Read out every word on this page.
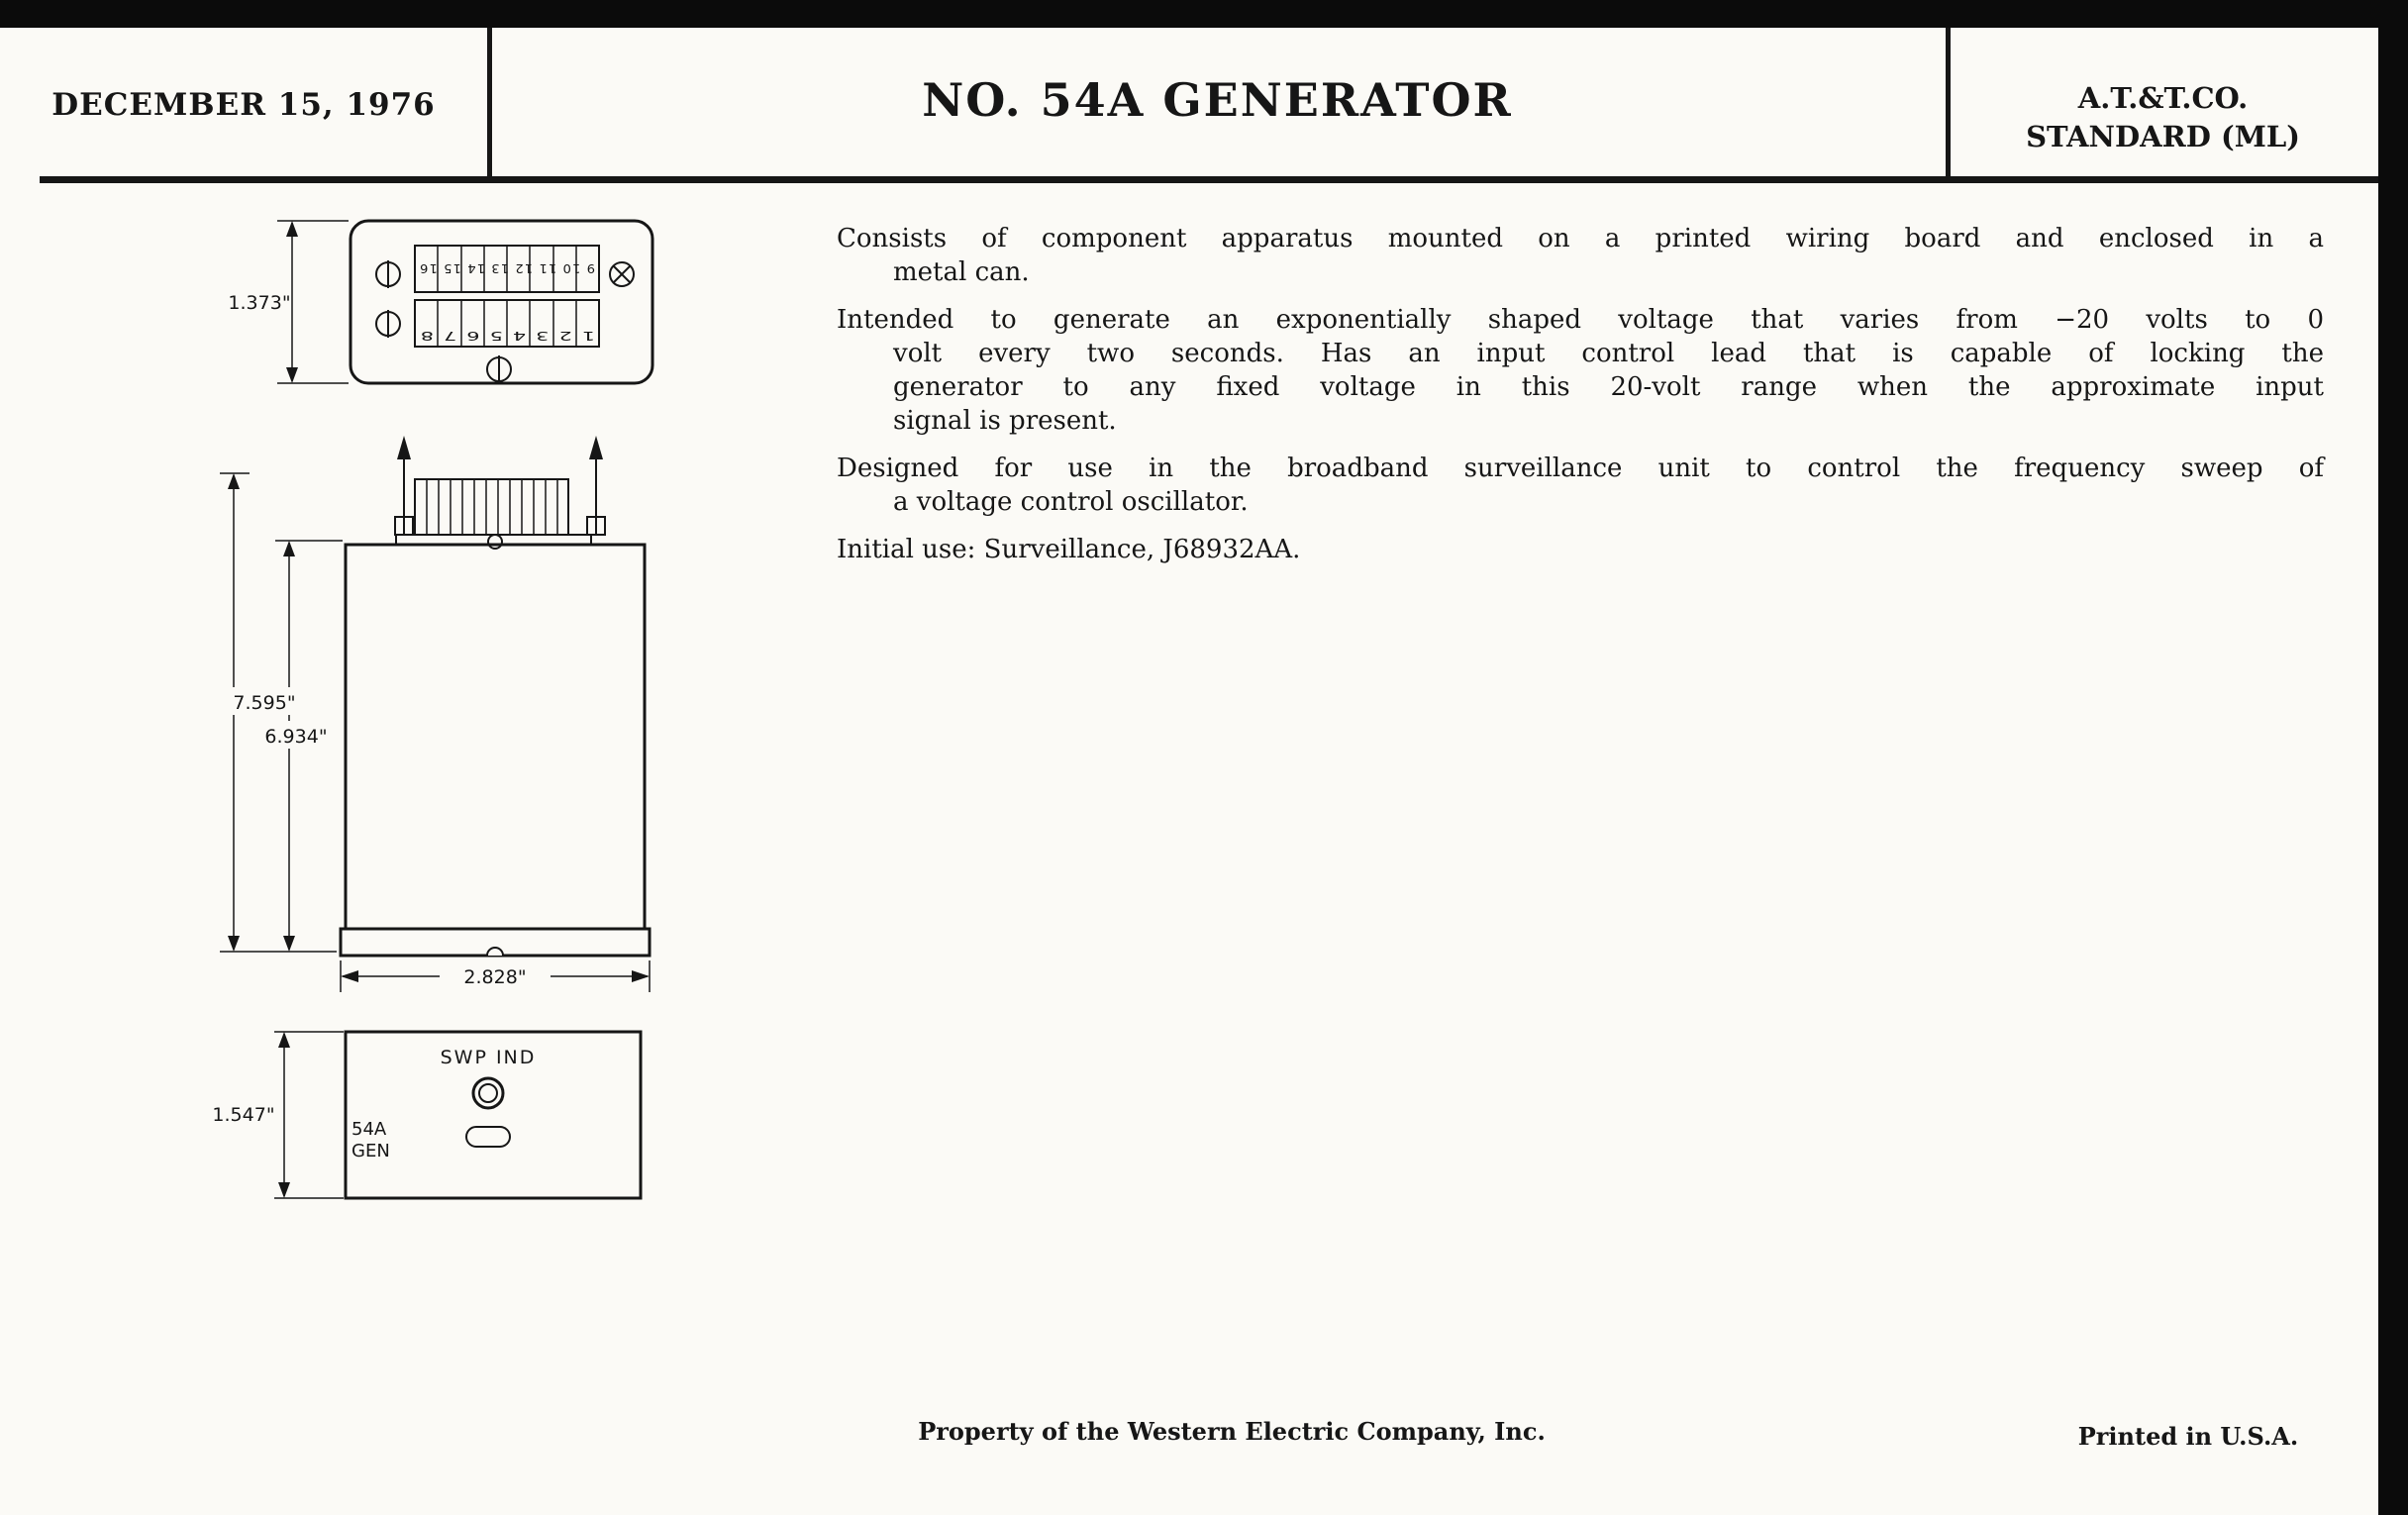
DECEMBER 15, 1976	NO. 54A GENERATOR	A.T.&T.CO.
STANDARD (ML)
1.373"
9 10 11 12 13 14 15 16
1 2 3 4 5 6 7 8
7.595"
6.934"
2.828"
1.547"
SWP IND
54A
GEN
Consists of component apparatus mounted on a printed wiring board and enclosed in a
metal can.
Intended to generate an exponentially shaped voltage that varies from −20 volts to 0
volt every two seconds. Has an input control lead that is capable of locking the
generator to any fixed voltage in this 20-volt range when the approximate input
signal is present.
Designed for use in the broadband surveillance unit to control the frequency sweep of
a voltage control oscillator.
Initial use: Surveillance, J68932AA.
Property of the Western Electric Company, Inc.	Printed in U.S.A.
